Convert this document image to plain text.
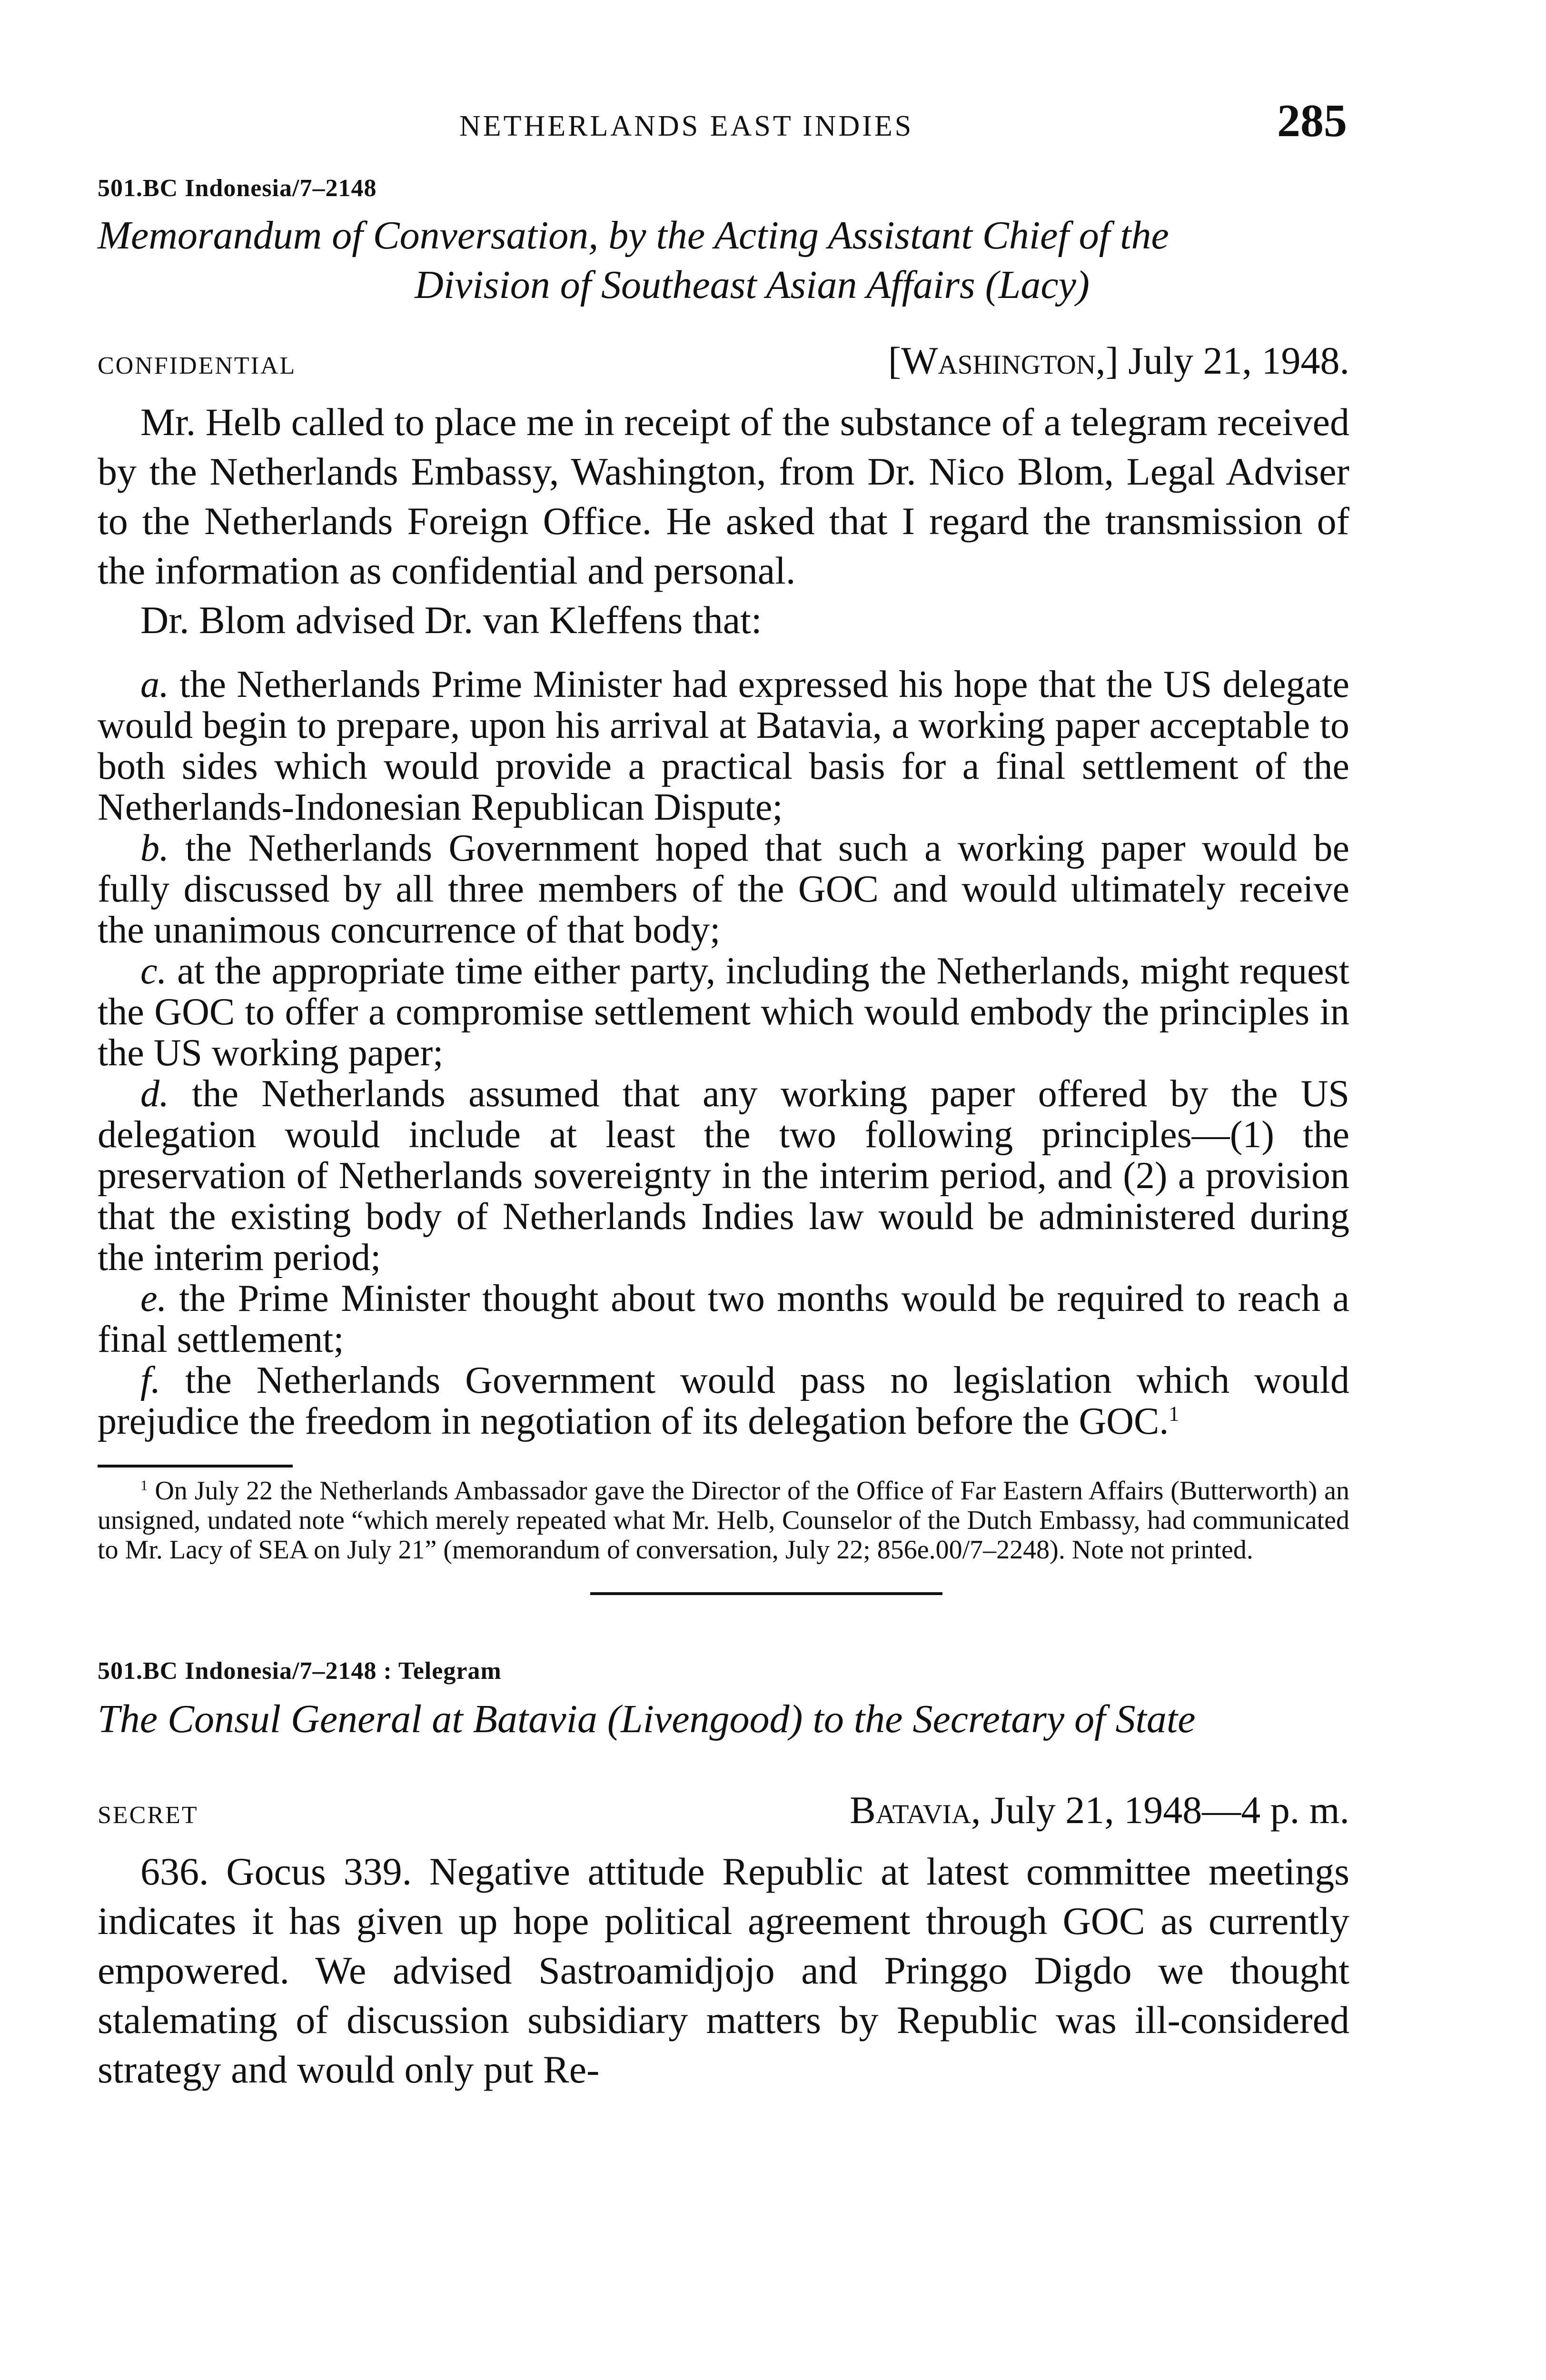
NETHERLANDS EAST INDIES	285
501.BC Indonesia/7–2148
Memorandum of Conversation, by the Acting Assistant Chief of the
Division of Southeast Asian Affairs (Lacy)
CONFIDENTIAL	[Washington,] July 21, 1948.

Mr. Helb called to place me in receipt of the substance of a telegram received by the Netherlands Embassy, Washington, from Dr. Nico Blom, Legal Adviser to the Netherlands Foreign Office. He asked that I regard the transmission of the information as confidential and personal.

Dr. Blom advised Dr. van Kleffens that:

a. the Netherlands Prime Minister had expressed his hope that the US delegate would begin to prepare, upon his arrival at Batavia, a working paper acceptable to both sides which would provide a practical basis for a final settlement of the Netherlands-Indonesian Republican Dispute;

b. the Netherlands Government hoped that such a working paper would be fully discussed by all three members of the GOC and would ultimately receive the unanimous concurrence of that body;

c. at the appropriate time either party, including the Netherlands, might request the GOC to offer a compromise settlement which would embody the principles in the US working paper;

d. the Netherlands assumed that any working paper offered by the US delegation would include at least the two following principles—(1) the preservation of Netherlands sovereignty in the interim period, and (2) a provision that the existing body of Netherlands Indies law would be administered during the interim period;

e. the Prime Minister thought about two months would be required to reach a final settlement;

f. the Netherlands Government would pass no legislation which would prejudice the freedom in negotiation of its delegation before the GOC.$^1$

$^1$ On July 22 the Netherlands Ambassador gave the Director of the Office of Far Eastern Affairs (Butterworth) an unsigned, undated note “which merely repeated what Mr. Helb, Counselor of the Dutch Embassy, had communicated to Mr. Lacy of SEA on July 21” (memorandum of conversation, July 22; 856e.00/7–2248). Note not printed.

501.BC Indonesia/7–2148 : Telegram
The Consul General at Batavia (Livengood) to the Secretary of State
SECRET	Batavia, July 21, 1948—4 p. m.

636. Gocus 339. Negative attitude Republic at latest committee meetings indicates it has given up hope political agreement through GOC as currently empowered. We advised Sastroamidjojo and Pringgo Digdo we thought stalemating of discussion subsidiary matters by Republic was ill-considered strategy and would only put Re-
